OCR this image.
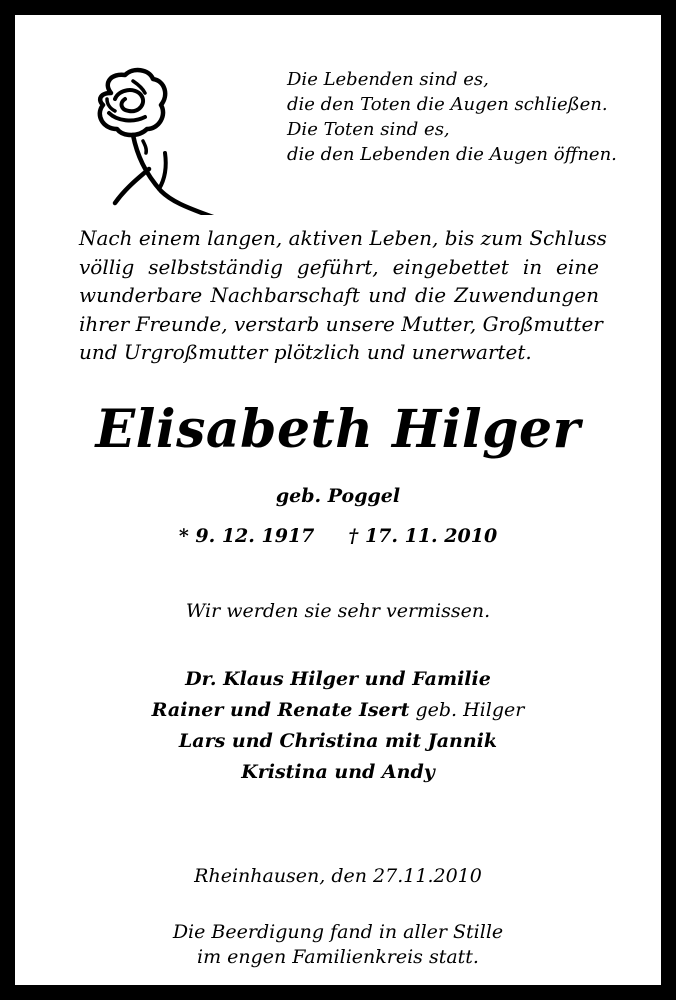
Die Lebenden sind es,
die den Toten die Augen schließen.
Die Toten sind es,
die den Lebenden die Augen öffnen.
Nach einem langen, aktiven Leben, bis zum Schluss
völlig selbstständig geführt, eingebettet in eine
wunderbare Nachbarschaft und die Zuwendungen
ihrer Freunde, verstarb unsere Mutter, Großmutter
und Urgroßmutter plötzlich und unerwartet.
Elisabeth Hilger
geb. Poggel
* 9. 12. 1917 † 17. 11. 2010
Wir werden sie sehr vermissen.
Dr. Klaus Hilger und Familie
Rainer und Renate Isert geb. Hilger
Lars und Christina mit Jannik
Kristina und Andy
Rheinhausen, den 27.11.2010
Die Beerdigung fand in aller Stille
im engen Familienkreis statt.
